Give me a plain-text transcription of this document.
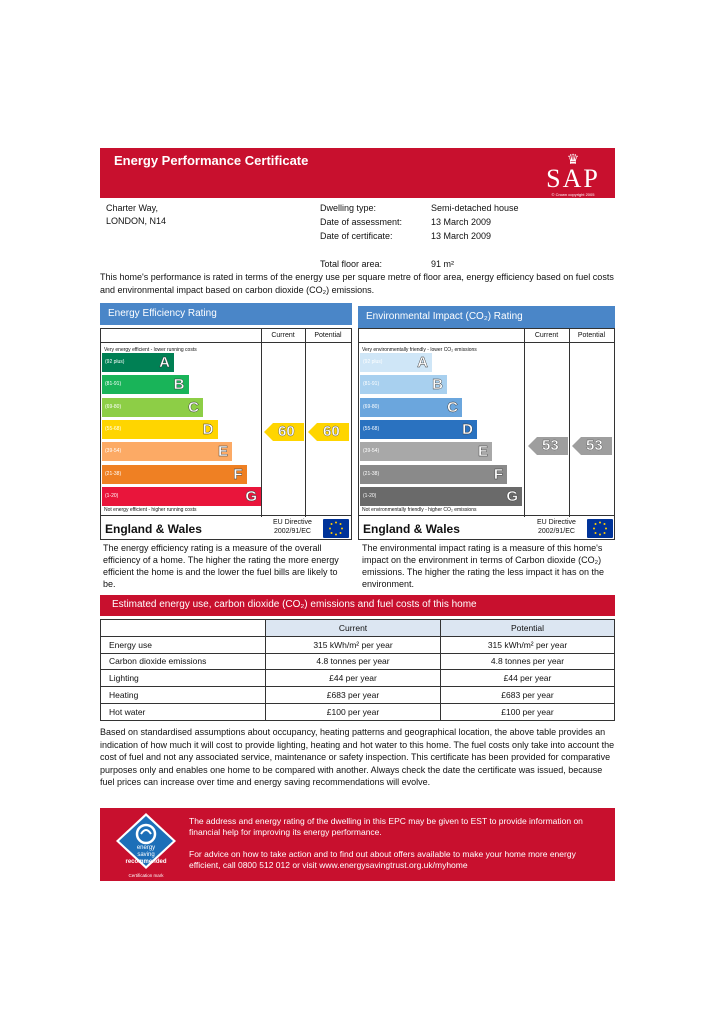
Energy Performance Certificate	♛
SAP
© Crown copyright 2005
Charter Way,
LONDON, N14
Dwelling type:	Semi-detached house
Date of assessment:	13 March 2009
Date of certificate:	13 March 2009
Total floor area:	91 m²
This home's performance is rated in terms of the energy use per square metre of floor area, energy efficiency based on fuel costs and environmental impact based on carbon dioxide (CO₂) emissions.
Energy Efficiency Rating
Current	Potential
Very energy efficient - lower running costs
Not energy efficient - higher running costs
(92 plus) A
(81-91)	B
(69-80)	C
(55-68)	D
(39-54)	E
(21-38)	F
(1-20)	G
England & Wales	EU Directive
2002/91/EC
60 60
The energy efficiency rating is a measure of the overall efficiency of a home. The higher the rating the more energy efficient the home is and the lower the fuel bills are likely to be.
Environmental Impact (CO₂) Rating
Current	Potential
Very environmentally friendly - lower CO₂ emissions
Not environmentally friendly - higher CO₂ emissions
(92 plus) A
(81-91)	B
(69-80)	C
(55-68)	D
(39-54)	E
(21-38)	F
(1-20)	G
England & Wales	EU Directive
2002/91/EC
53 53
The environmental impact rating is a measure of this home's impact on the environment in terms of Carbon dioxide (CO₂) emissions. The higher the rating the less impact it has on the environment.
Estimated energy use, carbon dioxide (CO₂) emissions and fuel costs of this home
	Current	Potential
Energy use	315 kWh/m² per year	315 kWh/m² per year
Carbon dioxide emissions	4.8 tonnes per year	4.8 tonnes per year
Lighting	£44 per year	£44 per year
Heating	£683 per year	£683 per year
Hot water	£100 per year	£100 per year
Based on standardised assumptions about occupancy, heating patterns and geographical location, the above table provides an indication of how much it will cost to provide lighting, heating and hot water to this home. The fuel costs only take into account the cost of fuel and not any associated service, maintenance or safety inspection. This certificate has been provided for comparative purposes only and enables one home to be compared with another. Always check the date the certificate was issued, because fuel prices can increase over time and energy saving recommendations will evolve.
energy
saving
recommended
Certification mark
The address and energy rating of the dwelling in this EPC may be given to EST to provide information on financial help for improving its energy performance.
For advice on how to take action and to find out about offers available to make your home more energy efficient, call 0800 512 012 or visit www.energysavingtrust.org.uk/myhome
